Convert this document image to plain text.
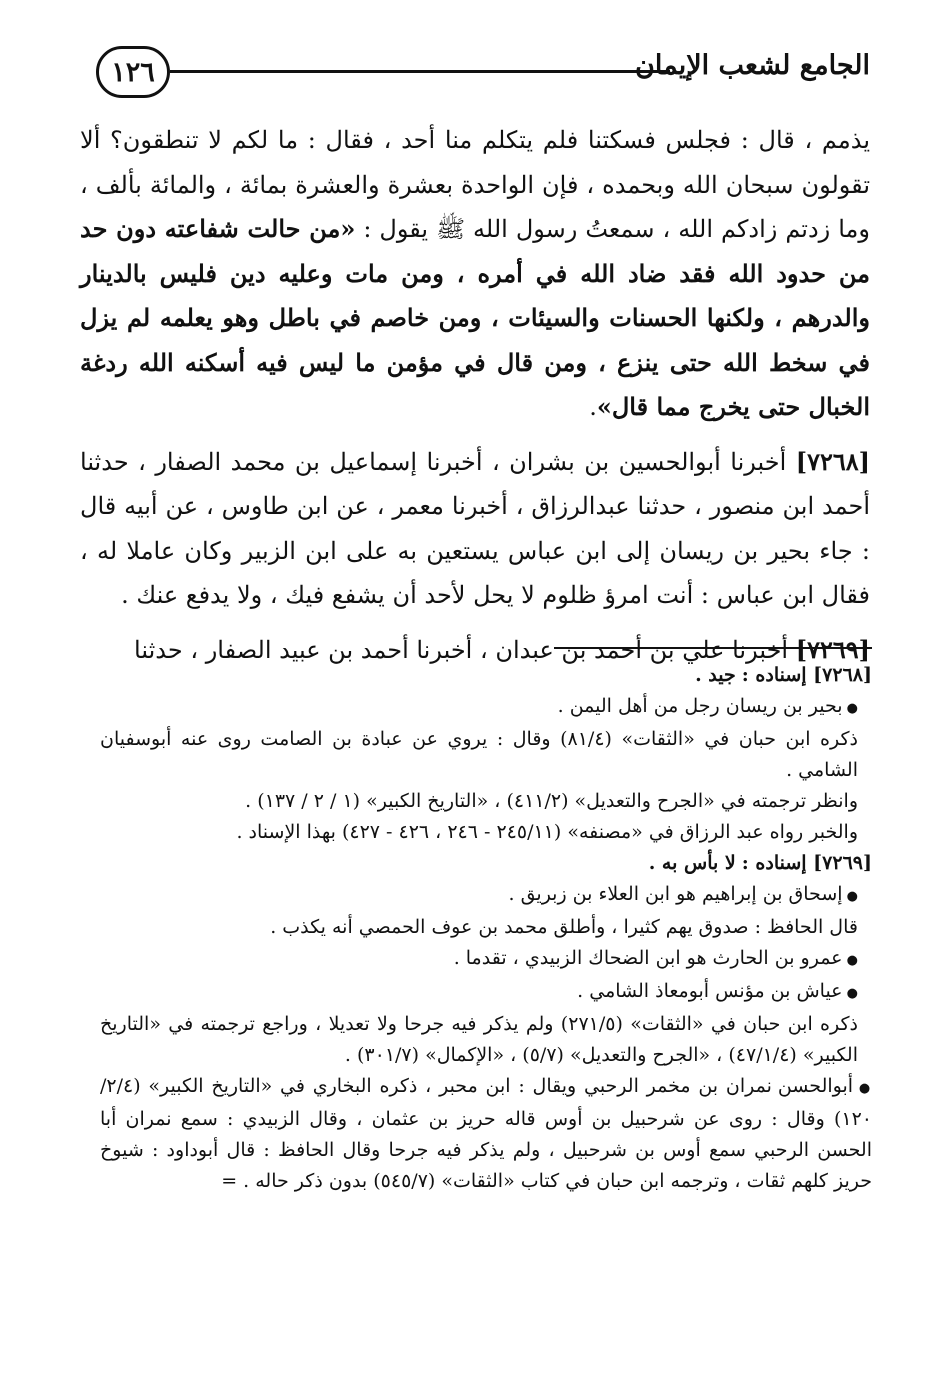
١٢٦	الجامع لشعب الإيمان

يذمم ، قال : فجلس فسكتنا فلم يتكلم منا أحد ، فقال : ما لكم لا تنطقون؟ ألا تقولون سبحان الله وبحمده ، فإن الواحدة بعشرة والعشرة بمائة ، والمائة بألف ، وما زدتم زادكم الله ، سمعتُ رسول الله ﷺ يقول : «من حالت شفاعته دون حد من حدود الله فقد ضاد الله في أمره ، ومن مات وعليه دين فليس بالدينار والدرهم ، ولكنها الحسنات والسيئات ، ومن خاصم في باطل وهو يعلمه لم يزل في سخط الله حتى ينزع ، ومن قال في مؤمن ما ليس فيه أسكنه الله ردغة الخبال حتى يخرج مما قال».

[٧٢٦٨] أخبرنا أبوالحسين بن بشران ، أخبرنا إسماعيل بن محمد الصفار ، حدثنا أحمد ابن منصور ، حدثنا عبدالرزاق ، أخبرنا معمر ، عن ابن طاوس ، عن أبيه قال : جاء بحير بن ريسان إلى ابن عباس يستعين به على ابن الزبير وكان عاملا له ، فقال ابن عباس : أنت امرؤ ظلوم لا يحل لأحد أن يشفع فيك ، ولا يدفع عنك .

[٧٢٦٩] أخبرنا علي بن أحمد بن عبدان ، أخبرنا أحمد بن عبيد الصفار ، حدثنا

[٧٢٦٨] إسناده : جيد .

● بحير بن ريسان رجل من أهل اليمن .

ذكره ابن حبان في «الثقات» (٨١/٤) وقال : يروي عن عبادة بن الصامت روى عنه أبوسفيان الشامي .

وانظر ترجمته في «الجرح والتعديل» (٤١١/٢) ، «التاريخ الكبير» (١ / ٢ / ١٣٧) .

والخبر رواه عبد الرزاق في «مصنفه» (٢٤٥/١١ - ٢٤٦ ، ٤٢٦ - ٤٢٧) بهذا الإسناد .

[٧٢٦٩] إسناده : لا بأس به .

● إسحاق بن إبراهيم هو ابن العلاء بن زبريق .

قال الحافظ : صدوق يهم كثيرا ، وأطلق محمد بن عوف الحمصي أنه يكذب .

● عمرو بن الحارث هو ابن الضحاك الزبيدي ، تقدما .

● عياش بن مؤنس أبومعاذ الشامي .

ذكره ابن حبان في «الثقات» (٢٧١/٥) ولم يذكر فيه جرحا ولا تعديلا ، وراجع ترجمته في «التاريخ الكبير» (٤٧/١/٤) ، «الجرح والتعديل» (٥/٧) ، «الإكمال» (٣٠١/٧) .

● أبوالحسن نمران بن مخمر الرحبي ويقال : ابن محبر ، ذكره البخاري في «التاريخ الكبير» (٢/٤/ ١٢٠) وقال : روى عن شرحبيل بن أوس قاله حريز بن عثمان ، وقال الزبيدي : سمع نمران أبا الحسن الرحبي سمع أوس بن شرحبيل ، ولم يذكر فيه جرحا وقال الحافظ : قال أبوداود : شيوخ حريز كلهم ثقات ، وترجمه ابن حبان في كتاب «الثقات» (٥٤٥/٧) بدون ذكر حاله . =
